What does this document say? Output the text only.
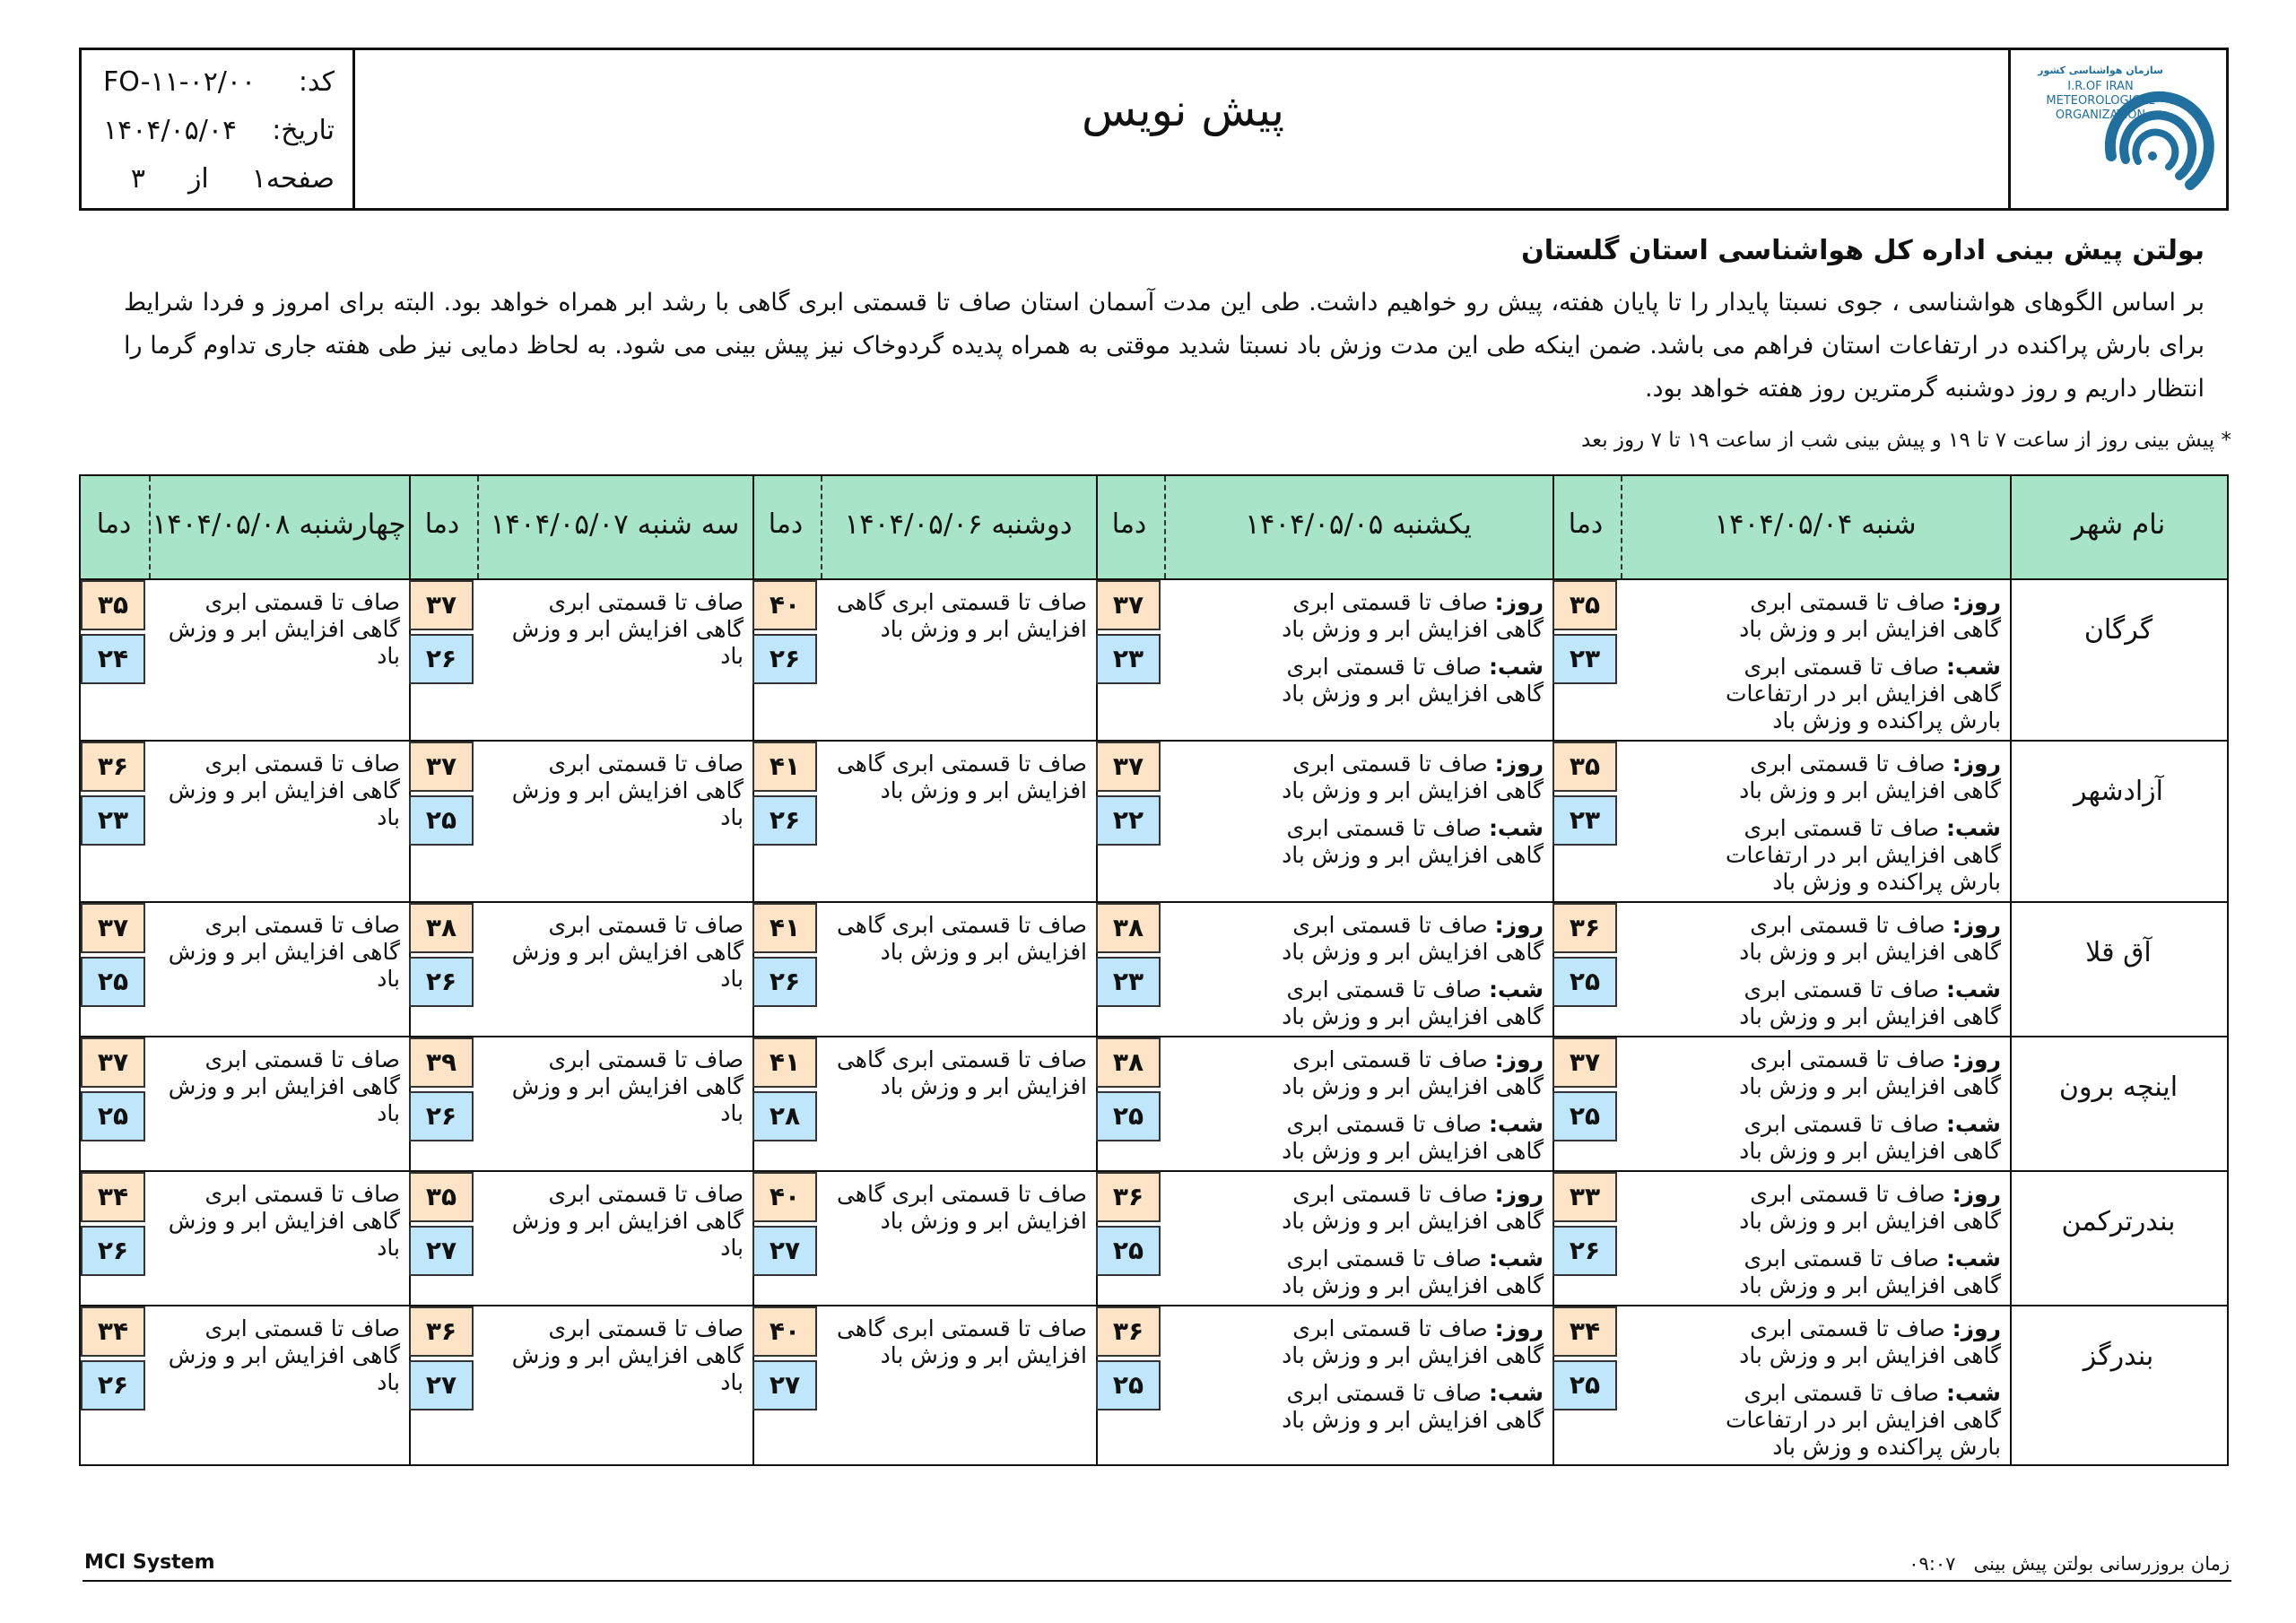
کد:
FO-۱۱-۰۲/۰۰
تاریخ:
۱۴۰۴/۰۵/۰۴
صفحه
۱
از
۳
پیش نویس
سازمان هواشناسی کشور
I.R.OF IRAN
METEOROLOGICAL
ORGANIZATION
بولتن پیش بینی اداره کل هواشناسی استان گلستان
بر اساس الگوهای هواشناسی ، جوی نسبتا پایدار را تا پایان هفته، پیش رو خواهیم داشت. طی این مدت آسمان استان صاف تا قسمتی ابری گاهی با رشد ابر همراه خواهد بود. البته برای امروز و فردا شرایط برای بارش پراکنده در ارتفاعات استان فراهم می باشد. ضمن اینکه طی این مدت وزش باد نسبتا شدید موقتی به همراه پدیده گردوخاک نیز پیش بینی می شود. به لحاظ دمایی نیز طی هفته جاری تداوم گرما را انتظار داریم و روز دوشنبه گرمترین روز هفته خواهد بود.
* پیش بینی روز از ساعت ۷ تا ۱۹ و پیش بینی شب از ساعت ۱۹ تا ۷ روز بعد
نام شهر
شنبه ۱۴۰۴/۰۵/۰۴
دما
یکشنبه ۱۴۰۴/۰۵/۰۵
دما
دوشنبه ۱۴۰۴/۰۵/۰۶
دما
سه شنبه ۱۴۰۴/۰۵/۰۷
دما
چهارشنبه ۱۴۰۴/۰۵/۰۸
دما
گرگان
روز: صاف تا قسمتی ابری گاهی افزایش ابر و وزش باد
شب: صاف تا قسمتی ابری گاهی افزایش ابر در ارتفاعات بارش پراکنده و وزش باد
۳۵
۲۳
روز: صاف تا قسمتی ابری گاهی افزایش ابر و وزش باد
شب: صاف تا قسمتی ابری گاهی افزایش ابر و وزش باد
۳۷
۲۳
صاف تا قسمتی ابری گاهی افزایش ابر و وزش باد
۴۰
۲۶
صاف تا قسمتی ابری گاهی افزایش ابر و وزش باد
۳۷
۲۶
صاف تا قسمتی ابری گاهی افزایش ابر و وزش باد
۳۵
۲۴
آزادشهر
روز: صاف تا قسمتی ابری گاهی افزایش ابر و وزش باد
شب: صاف تا قسمتی ابری گاهی افزایش ابر در ارتفاعات بارش پراکنده و وزش باد
۳۵
۲۳
روز: صاف تا قسمتی ابری گاهی افزایش ابر و وزش باد
شب: صاف تا قسمتی ابری گاهی افزایش ابر و وزش باد
۳۷
۲۲
صاف تا قسمتی ابری گاهی افزایش ابر و وزش باد
۴۱
۲۶
صاف تا قسمتی ابری گاهی افزایش ابر و وزش باد
۳۷
۲۵
صاف تا قسمتی ابری گاهی افزایش ابر و وزش باد
۳۶
۲۳
آق قلا
روز: صاف تا قسمتی ابری گاهی افزایش ابر و وزش باد
شب: صاف تا قسمتی ابری گاهی افزایش ابر و وزش باد
۳۶
۲۵
روز: صاف تا قسمتی ابری گاهی افزایش ابر و وزش باد
شب: صاف تا قسمتی ابری گاهی افزایش ابر و وزش باد
۳۸
۲۳
صاف تا قسمتی ابری گاهی افزایش ابر و وزش باد
۴۱
۲۶
صاف تا قسمتی ابری گاهی افزایش ابر و وزش باد
۳۸
۲۶
صاف تا قسمتی ابری گاهی افزایش ابر و وزش باد
۳۷
۲۵
اینچه برون
روز: صاف تا قسمتی ابری گاهی افزایش ابر و وزش باد
شب: صاف تا قسمتی ابری گاهی افزایش ابر و وزش باد
۳۷
۲۵
روز: صاف تا قسمتی ابری گاهی افزایش ابر و وزش باد
شب: صاف تا قسمتی ابری گاهی افزایش ابر و وزش باد
۳۸
۲۵
صاف تا قسمتی ابری گاهی افزایش ابر و وزش باد
۴۱
۲۸
صاف تا قسمتی ابری گاهی افزایش ابر و وزش باد
۳۹
۲۶
صاف تا قسمتی ابری گاهی افزایش ابر و وزش باد
۳۷
۲۵
بندرترکمن
روز: صاف تا قسمتی ابری گاهی افزایش ابر و وزش باد
شب: صاف تا قسمتی ابری گاهی افزایش ابر و وزش باد
۳۳
۲۶
روز: صاف تا قسمتی ابری گاهی افزایش ابر و وزش باد
شب: صاف تا قسمتی ابری گاهی افزایش ابر و وزش باد
۳۶
۲۵
صاف تا قسمتی ابری گاهی افزایش ابر و وزش باد
۴۰
۲۷
صاف تا قسمتی ابری گاهی افزایش ابر و وزش باد
۳۵
۲۷
صاف تا قسمتی ابری گاهی افزایش ابر و وزش باد
۳۴
۲۶
بندرگز
روز: صاف تا قسمتی ابری گاهی افزایش ابر و وزش باد
شب: صاف تا قسمتی ابری گاهی افزایش ابر در ارتفاعات بارش پراکنده و وزش باد
۳۴
۲۵
روز: صاف تا قسمتی ابری گاهی افزایش ابر و وزش باد
شب: صاف تا قسمتی ابری گاهی افزایش ابر و وزش باد
۳۶
۲۵
صاف تا قسمتی ابری گاهی افزایش ابر و وزش باد
۴۰
۲۷
صاف تا قسمتی ابری گاهی افزایش ابر و وزش باد
۳۶
۲۷
صاف تا قسمتی ابری گاهی افزایش ابر و وزش باد
۳۴
۲۶
MCI System	زمان بروزرسانی بولتن پیش بینی   ۰۹:۰۷
